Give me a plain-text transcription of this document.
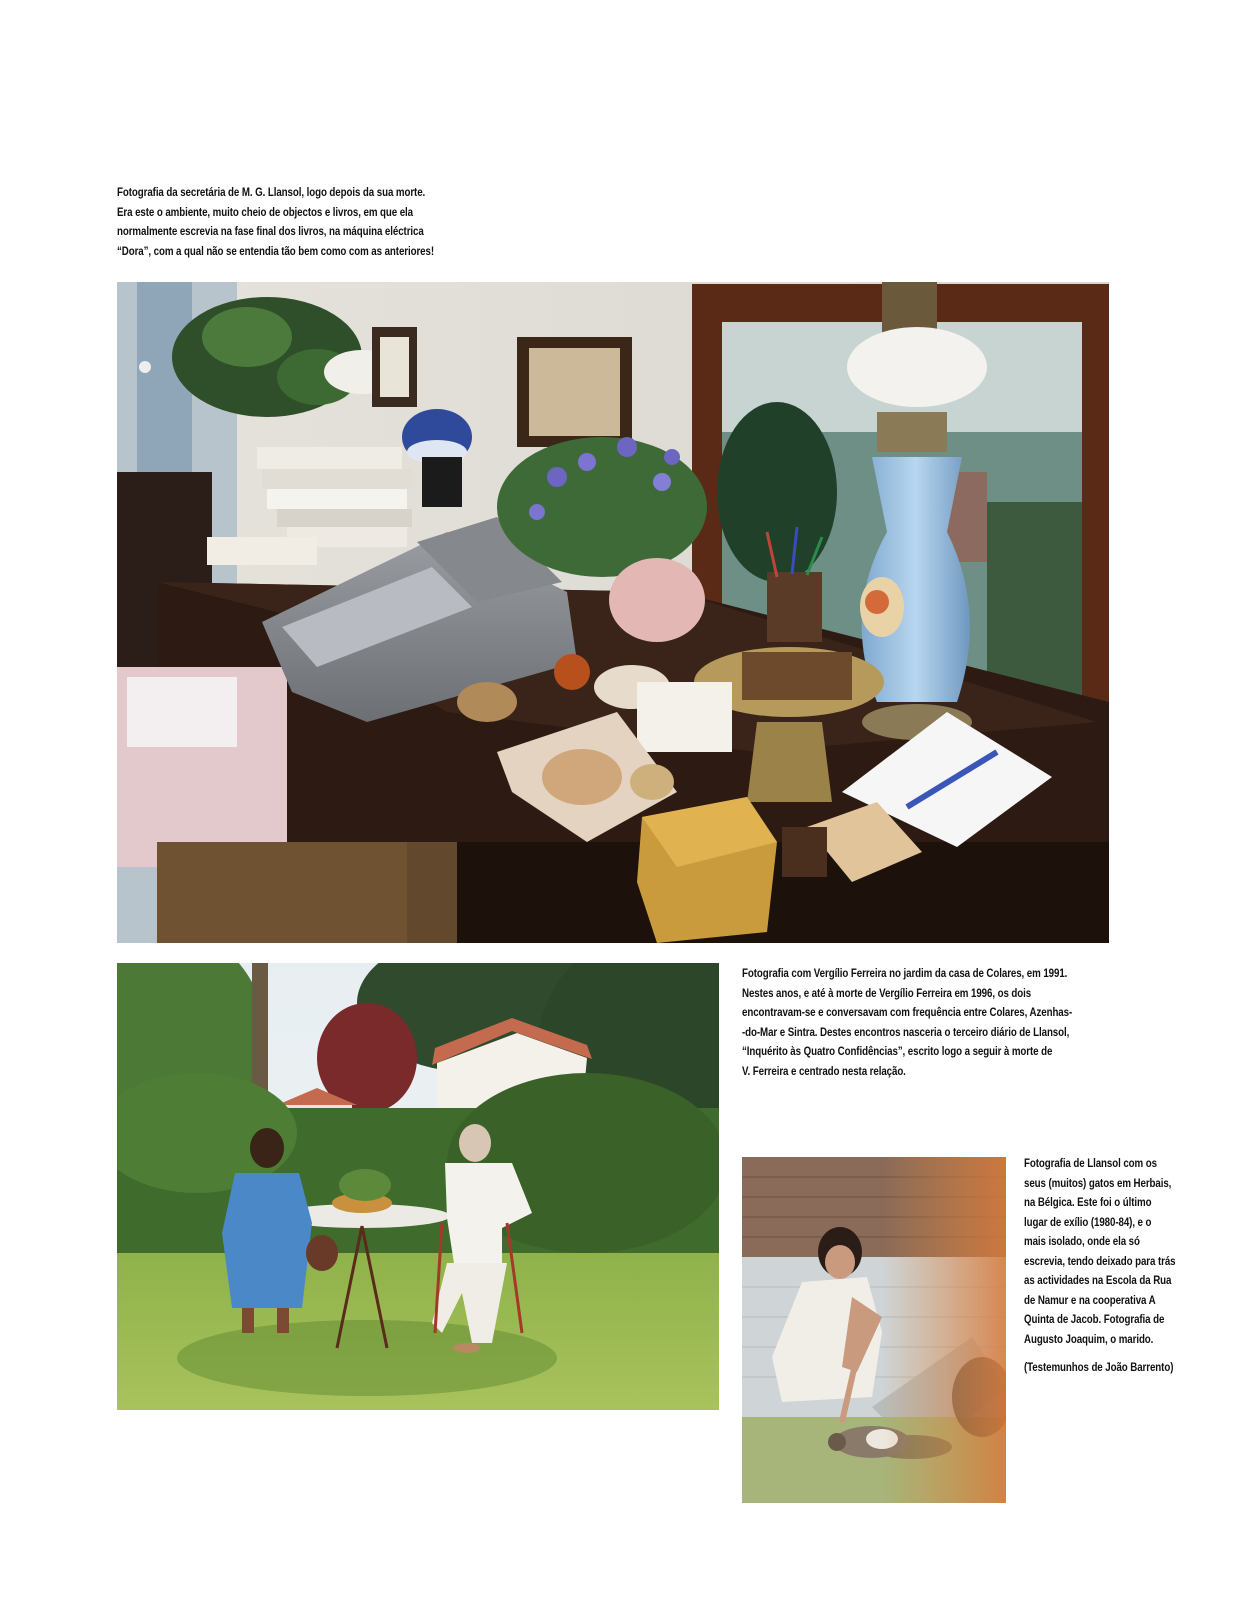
Fotografia da secretária de M. G. Llansol, logo depois da sua morte.
Era este o ambiente, muito cheio de objectos e livros, em que ela
normalmente escrevia na fase final dos livros, na máquina eléctrica
“Dora”, com a qual não se entendia tão bem como com as anteriores!

Fotografia com Vergílio Ferreira no jardim da casa de Colares, em 1991.
Nestes anos, e até à morte de Vergílio Ferreira em 1996, os dois
encontravam-se e conversavam com frequência entre Colares, Azenhas-
-do-Mar e Sintra. Destes encontros nasceria o terceiro diário de Llansol,
“Inquérito às Quatro Confidências”, escrito logo a seguir à morte de
V. Ferreira e centrado nesta relação.

Fotografia de Llansol com os
seus (muitos) gatos em Herbais,
na Bélgica. Este foi o último
lugar de exílio (1980-84), e o
mais isolado, onde ela só
escrevia, tendo deixado para trás
as actividades na Escola da Rua
de Namur e na cooperativa A
Quinta de Jacob. Fotografia de
Augusto Joaquim, o marido.

(Testemunhos de João Barrento)
